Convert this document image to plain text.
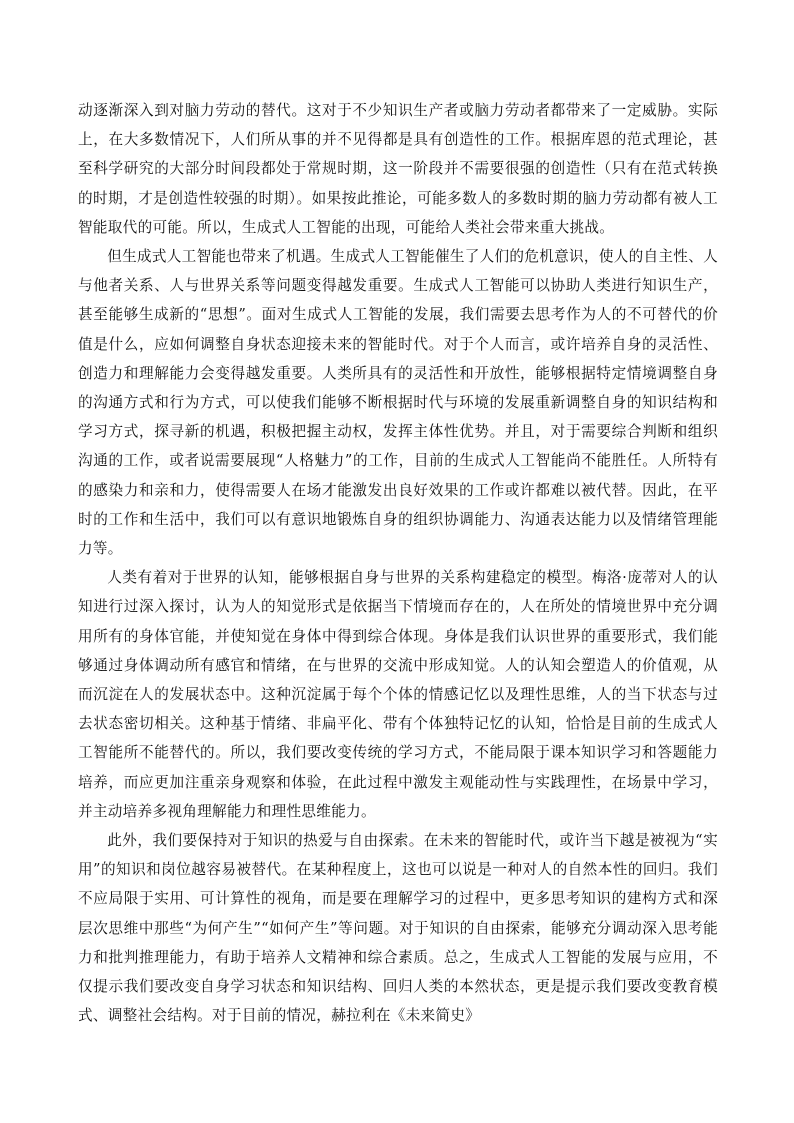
动逐渐深入到对脑力劳动的替代。这对于不少知识生产者或脑力劳动者都带来了一定威胁。实际上，在大多数情况下，人们所从事的并不见得都是具有创造性的工作。根据库恩的范式理论，甚至科学研究的大部分时间段都处于常规时期，这一阶段并不需要很强的创造性（只有在范式转换的时期，才是创造性较强的时期）。如果按此推论，可能多数人的多数时期的脑力劳动都有被人工智能取代的可能。所以，生成式人工智能的出现，可能给人类社会带来重大挑战。

但生成式人工智能也带来了机遇。生成式人工智能催生了人们的危机意识，使人的自主性、人与他者关系、人与世界关系等问题变得越发重要。生成式人工智能可以协助人类进行知识生产，甚至能够生成新的“思想”。面对生成式人工智能的发展，我们需要去思考作为人的不可替代的价值是什么，应如何调整自身状态迎接未来的智能时代。对于个人而言，或许培养自身的灵活性、创造力和理解能力会变得越发重要。人类所具有的灵活性和开放性，能够根据特定情境调整自身的沟通方式和行为方式，可以使我们能够不断根据时代与环境的发展重新调整自身的知识结构和学习方式，探寻新的机遇，积极把握主动权，发挥主体性优势。并且，对于需要综合判断和组织沟通的工作，或者说需要展现“人格魅力”的工作，目前的生成式人工智能尚不能胜任。人所特有的感染力和亲和力，使得需要人在场才能激发出良好效果的工作或许都难以被代替。因此，在平时的工作和生活中，我们可以有意识地锻炼自身的组织协调能力、沟通表达能力以及情绪管理能力等。

人类有着对于世界的认知，能够根据自身与世界的关系构建稳定的模型。梅洛·庞蒂对人的认知进行过深入探讨，认为人的知觉形式是依据当下情境而存在的，人在所处的情境世界中充分调用所有的身体官能，并使知觉在身体中得到综合体现。身体是我们认识世界的重要形式，我们能够通过身体调动所有感官和情绪，在与世界的交流中形成知觉。人的认知会塑造人的价值观，从而沉淀在人的发展状态中。这种沉淀属于每个个体的情感记忆以及理性思维，人的当下状态与过去状态密切相关。这种基于情绪、非扁平化、带有个体独特记忆的认知，恰恰是目前的生成式人工智能所不能替代的。所以，我们要改变传统的学习方式，不能局限于课本知识学习和答题能力培养，而应更加注重亲身观察和体验，在此过程中激发主观能动性与实践理性，在场景中学习，并主动培养多视角理解能力和理性思维能力。

此外，我们要保持对于知识的热爱与自由探索。在未来的智能时代，或许当下越是被视为“实用”的知识和岗位越容易被替代。在某种程度上，这也可以说是一种对人的自然本性的回归。我们不应局限于实用、可计算性的视角，而是要在理解学习的过程中，更多思考知识的建构方式和深层次思维中那些“为何产生”“如何产生”等问题。对于知识的自由探索，能够充分调动深入思考能力和批判推理能力，有助于培养人文精神和综合素质。总之，生成式人工智能的发展与应用，不仅提示我们要改变自身学习状态和知识结构、回归人类的本然状态，更是提示我们要改变教育模式、调整社会结构。对于目前的情况，赫拉利在《未来简史》
